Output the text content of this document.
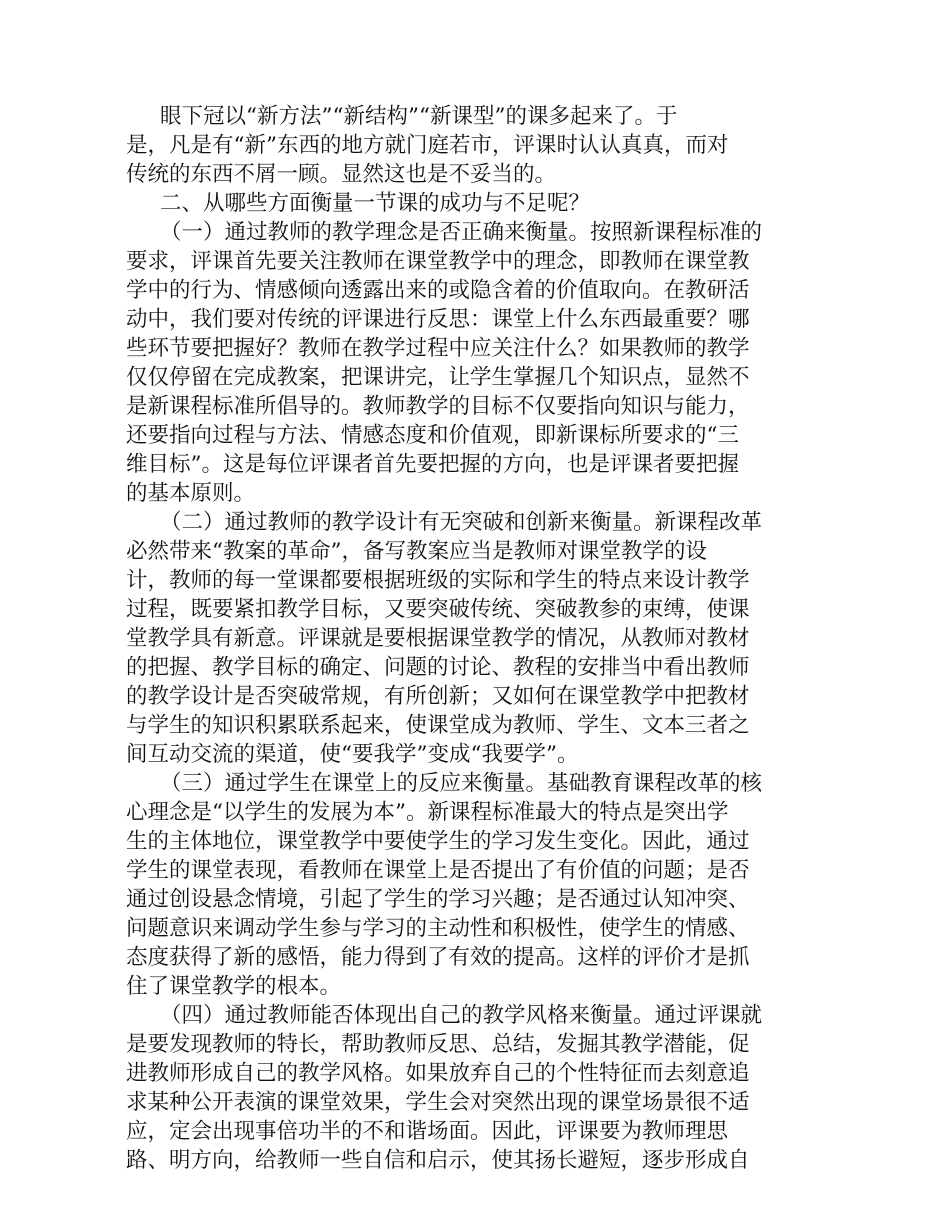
眼下冠以“新方法”“新结构”“新课型”的课多起来了。于
是，凡是有“新”东西的地方就门庭若市，评课时认认真真，而对
传统的东西不屑一顾。显然这也是不妥当的。
二、从哪些方面衡量一节课的成功与不足呢？
（一）通过教师的教学理念是否正确来衡量。按照新课程标准的
要求，评课首先要关注教师在课堂教学中的理念，即教师在课堂教
学中的行为、情感倾向透露出来的或隐含着的价值取向。在教研活
动中，我们要对传统的评课进行反思：课堂上什么东西最重要？哪
些环节要把握好？教师在教学过程中应关注什么？如果教师的教学
仅仅停留在完成教案，把课讲完，让学生掌握几个知识点，显然不
是新课程标准所倡导的。教师教学的目标不仅要指向知识与能力，
还要指向过程与方法、情感态度和价值观，即新课标所要求的“三
维目标”。这是每位评课者首先要把握的方向，也是评课者要把握
的基本原则。
（二）通过教师的教学设计有无突破和创新来衡量。新课程改革
必然带来“教案的革命”，备写教案应当是教师对课堂教学的设
计，教师的每一堂课都要根据班级的实际和学生的特点来设计教学
过程，既要紧扣教学目标，又要突破传统、突破教参的束缚，使课
堂教学具有新意。评课就是要根据课堂教学的情况，从教师对教材
的把握、教学目标的确定、问题的讨论、教程的安排当中看出教师
的教学设计是否突破常规，有所创新；又如何在课堂教学中把教材
与学生的知识积累联系起来，使课堂成为教师、学生、文本三者之
间互动交流的渠道，使“要我学”变成“我要学”。
（三）通过学生在课堂上的反应来衡量。基础教育课程改革的核
心理念是“以学生的发展为本”。新课程标准最大的特点是突出学
生的主体地位，课堂教学中要使学生的学习发生变化。因此，通过
学生的课堂表现，看教师在课堂上是否提出了有价值的问题；是否
通过创设悬念情境，引起了学生的学习兴趣；是否通过认知冲突、
问题意识来调动学生参与学习的主动性和积极性，使学生的情感、
态度获得了新的感悟，能力得到了有效的提高。这样的评价才是抓
住了课堂教学的根本。
（四）通过教师能否体现出自己的教学风格来衡量。通过评课就
是要发现教师的特长，帮助教师反思、总结，发掘其教学潜能，促
进教师形成自己的教学风格。如果放弃自己的个性特征而去刻意追
求某种公开表演的课堂效果，学生会对突然出现的课堂场景很不适
应，定会出现事倍功半的不和谐场面。因此，评课要为教师理思
路、明方向，给教师一些自信和启示，使其扬长避短，逐步形成自
